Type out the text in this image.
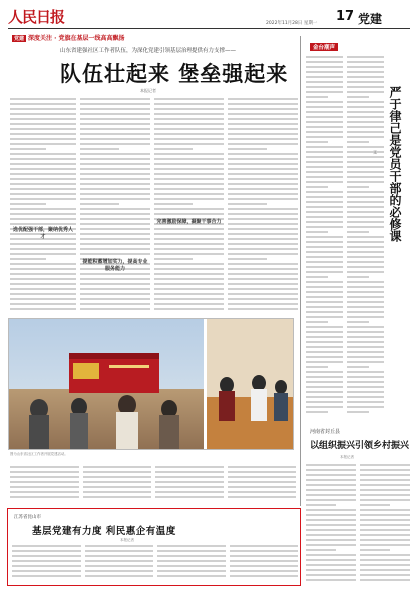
人民日报	2022年11月28日 星期一 17 党建
党建 深度关注 · 党旗在基层一线高高飘扬
山东省建强社区工作者队伍，为深化党建引领基层治理提供有力支撑——
队伍壮起来 堡垒强起来
本报记者
选优配强干部，聚纳优秀人才
提能积蓄增加实力，提高专业服务能力
完善激励保障，凝聚干事合力
图为山东省社区工作者开展党建活动。
金台潮声
严于律己是党员干部的必修课
文
河南省封丘县
以组织振兴引领乡村振兴
本报记者
江苏省昆山市
基层党建有力度 利民惠企有温度
本报记者
